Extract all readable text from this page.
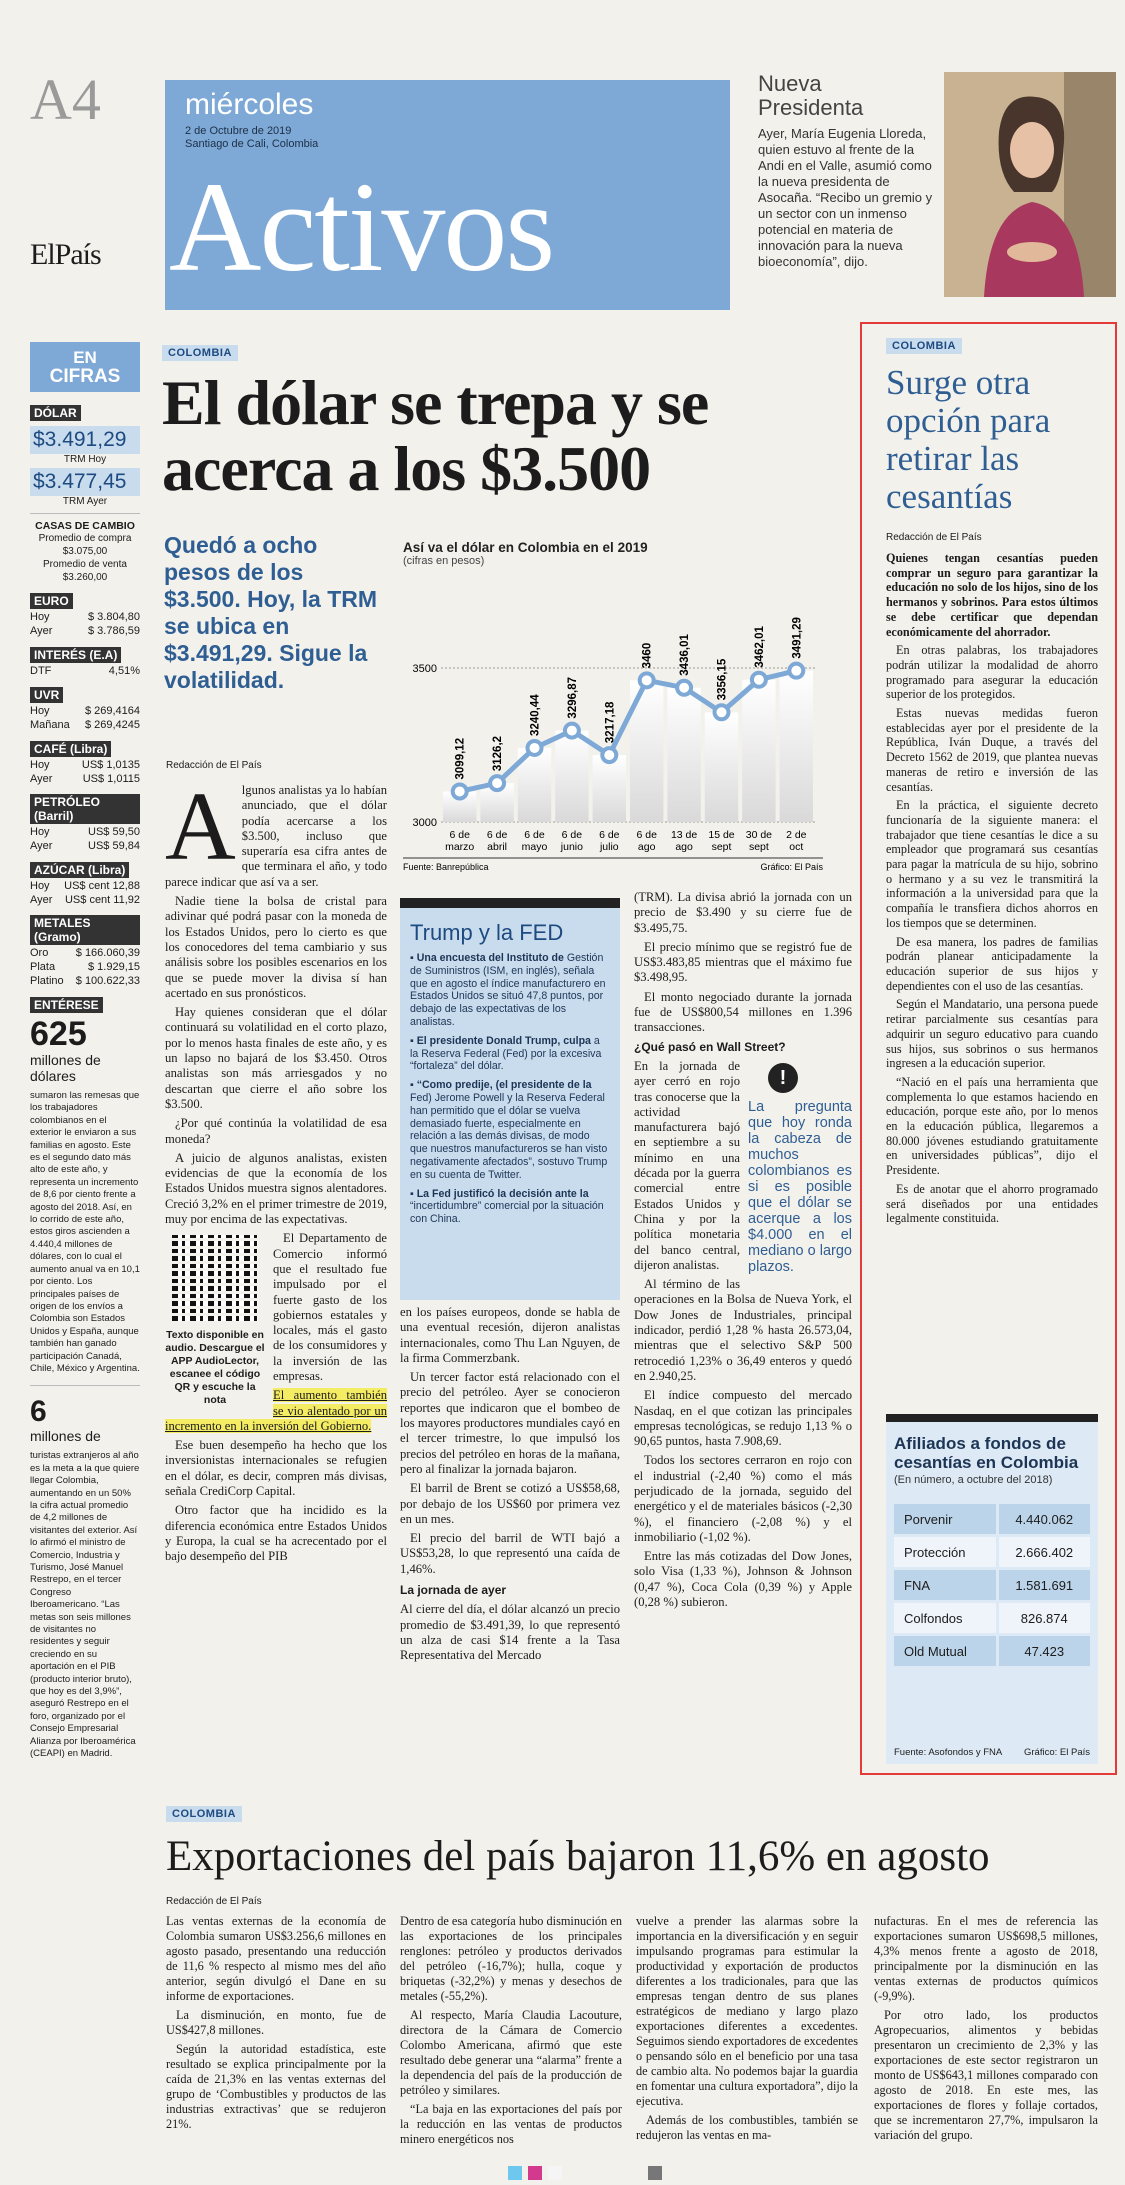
A4
ElPaís
miércoles
2 de Octubre de 2019
Santiago de Cali, Colombia
Activos
Nueva
Presidenta
Ayer, María Eugenia Lloreda, quien estuvo al frente de la Andi en el Valle, asumió como la nueva presidenta de Asocaña. “Recibo un gremio y un sector con un inmenso potencial en materia de innovación para la nueva bioeconomía”, dijo.
EN
CIFRAS
DÓLAR
$3.491,29
TRM Hoy
$3.477,45
TRM Ayer
CASAS DE CAMBIO
Promedio de compra
$3.075,00
Promedio de venta
$3.260,00
EURO
Hoy	$ 3.804,80
Ayer	$ 3.786,59
INTERÉS (E.A)
DTF	4,51%
UVR
Hoy	$ 269,4164
Mañana $ 269,4245
CAFÉ (Libra)
Hoy	US$ 1,0135
Ayer	US$ 1,0115
PETRÓLEO (Barril)
Hoy	US$ 59,50
Ayer	US$ 59,84
AZÚCAR (Libra)
Hoy US$ cent 12,88
Ayer US$ cent 11,92
METALES (Gramo)
Oro $ 166.060,39
Plata	$ 1.929,15
Platino $ 100.622,33
ENTÉRESE
625
millones de dólares
sumaron las remesas que los trabajadores colombianos en el exterior le enviaron a sus familias en agosto. Este es el segundo dato más alto de este año, y representa un incremento de 8,6 por ciento frente a agosto del 2018. Así, en lo corrido de este año, estos giros ascienden a 4.440,4 millones de dólares, con lo cual el aumento anual va en 10,1 por ciento. Los principales países de origen de los envíos a Colombia son Estados Unidos y España, aunque también han ganado participación Canadá, Chile, México y Argentina.
6
millones de
turistas extranjeros al año es la meta a la que quiere llegar Colombia, aumentando en un 50% la cifra actual promedio de 4,2 millones de visitantes del exterior. Así lo afirmó el ministro de Comercio, Industria y Turismo, José Manuel Restrepo, en el tercer Congreso Iberoamericano. “Las metas son seis millones de visitantes no residentes y seguir creciendo en su aportación en el PIB (producto interior bruto), que hoy es del 3,9%”, aseguró Restrepo en el foro, organizado por el Consejo Empresarial Alianza por Iberoamérica (CEAPI) en Madrid.
COLOMBIA
El dólar se trepa y se acerca a los $3.500
Quedó a ocho pesos de los $3.500. Hoy, la TRM se ubica en $3.491,29. Sigue la volatilidad.
Redacción de El País
Así va el dólar en Colombia en el 2019
(cifras en pesos)
3500
3000
3099,12
6 de
marzo
3126,2
6 de
abril
3240,44
6 de
mayo
3296,87
6 de
junio
3217,18
6 de
julio
3460
6 de
ago
3436,01
13 de
ago
3356,15
15 de
sept
3462,01
30 de
sept
3491,29
2 de
oct
Fuente: Banrepública	Gráfico: El País
A lgunos analistas ya lo habían anunciado, que el dólar podía acercarse a los $3.500, incluso que superaría esa cifra antes de que terminara el año, y todo parece indicar que así va a ser.

Nadie tiene la bolsa de cristal para adivinar qué podrá pasar con la moneda de los Estados Unidos, pero lo cierto es que los conocedores del tema cambiario y sus análisis sobre los posibles escenarios en los que se puede mover la divisa sí han acertado en sus pronósticos.

Hay quienes consideran que el dólar continuará su volatilidad en el corto plazo, por lo menos hasta finales de este año, y es un lapso no bajará de los $3.450. Otros analistas son más arriesgados y no descartan que cierre el año sobre los $3.500.

¿Por qué continúa la volatilidad de esa moneda?

A juicio de algunos analistas, existen evidencias de que la economía de los Estados Unidos muestra signos alentadores. Creció 3,2% en el primer trimestre de 2019, muy por encima de las expectativas.

Texto disponible en audio. Descargue el APP AudioLector, escanee el código QR y escuche la nota

El Departamento de Comercio informó que el resultado fue impulsado por el fuerte gasto de los gobiernos estatales y locales, más el gasto de los consumidores y la inversión de las empresas.

El aumento también se vio alentado por un incremento en la inversión del Gobierno.

Ese buen desempeño ha hecho que los inversionistas internacionales se refugien en el dólar, es decir, compren más divisas, señala CrediCorp Capital.

Otro factor que ha incidido es la diferencia económica entre Estados Unidos y Europa, la cual se ha acrecentado por el bajo desempeño del PIB

Trump y la FED
▪ Una encuesta del Instituto de Gestión de Suministros (ISM, en inglés), señala que en agosto el índice manufacturero en Estados Unidos se situó 47,8 puntos, por debajo de las expectativas de los analistas.
▪ El presidente Donald Trump, culpa a la Reserva Federal (Fed) por la excesiva “fortaleza” del dólar.
▪ “Como predije, (el presidente de la Fed) Jerome Powell y la Reserva Federal han permitido que el dólar se vuelva demasiado fuerte, especialmente en relación a las demás divisas, de modo que nuestros manufactureros se han visto negativamente afectados”, sostuvo Trump en su cuenta de Twitter.
▪ La Fed justificó la decisión ante la “incertidumbre” comercial por la situación con China.

en los países europeos, donde se habla de una eventual recesión, dijeron analistas internacionales, como Thu Lan Nguyen, de la firma Commerzbank.

Un tercer factor está relacionado con el precio del petróleo. Ayer se conocieron reportes que indicaron que el bombeo de los mayores productores mundiales cayó en el tercer trimestre, lo que impulsó los precios del petróleo en horas de la mañana, pero al finalizar la jornada bajaron.

El barril de Brent se cotizó a US$58,68, por debajo de los US$60 por primera vez en un mes.

El precio del barril de WTI bajó a US$53,28, lo que representó una caída de 1,46%.

La jornada de ayer

Al cierre del día, el dólar alcanzó un precio promedio de $3.491,39, lo que representó un alza de casi $14 frente a la Tasa Representativa del Mercado

(TRM). La divisa abrió la jornada con un precio de $3.490 y su cierre fue de $3.495,75.

El precio mínimo que se registró fue de US$3.483,85 mientras que el máximo fue $3.498,95.

El monto negociado durante la jornada fue de US$800,54 millones en 1.396 transacciones.

¿Qué pasó en Wall Street?

!
La pregunta que hoy ronda la cabeza de muchos colombianos es si es posible que el dólar se acerque a los $4.000 en el mediano o largo plazos.

En la jornada de ayer cerró en rojo tras conocerse que la actividad manufacturera bajó en septiembre a su mínimo en una década por la guerra comercial entre Estados Unidos y China y por la política monetaria del banco central, dijeron analistas.

Al término de las operaciones en la Bolsa de Nueva York, el Dow Jones de Industriales, principal indicador, perdió 1,28 % hasta 26.573,04, mientras que el selectivo S&P 500 retrocedió 1,23% o 36,49 enteros y quedó en 2.940,25.

El índice compuesto del mercado Nasdaq, en el que cotizan las principales empresas tecnológicas, se redujo 1,13 % o 90,65 puntos, hasta 7.908,69.

Todos los sectores cerraron en rojo con el industrial (-2,40 %) como el más perjudicado de la jornada, seguido del energético y el de materiales básicos (-2,30 %), el financiero (-2,08 %) y el inmobiliario (-1,02 %).

Entre las más cotizadas del Dow Jones, solo Visa (1,33 %), Johnson & Johnson (0,47 %), Coca Cola (0,39 %) y Apple (0,28 %) subieron.

COLOMBIA
Surge otra opción para retirar las cesantías
Redacción de El País

Quienes tengan cesantías pueden comprar un seguro para garantizar la educación no solo de los hijos, sino de los hermanos y sobrinos. Para estos últimos se debe certificar que dependan económicamente del ahorrador.

En otras palabras, los trabajadores podrán utilizar la modalidad de ahorro programado para asegurar la educación superior de los protegidos.

Estas nuevas medidas fueron establecidas ayer por el presidente de la República, Iván Duque, a través del Decreto 1562 de 2019, que plantea nuevas maneras de retiro e inversión de las cesantías.

En la práctica, el siguiente decreto funcionaría de la siguiente manera: el trabajador que tiene cesantías le dice a su empleador que programará sus cesantías para pagar la matrícula de su hijo, sobrino o hermano y a su vez le transmitirá la información a la universidad para que la compañía le transfiera dichos ahorros en los tiempos que se determinen.

De esa manera, los padres de familias podrán planear anticipadamente la educación superior de sus hijos y dependientes con el uso de las cesantías.

Según el Mandatario, una persona puede retirar parcialmente sus cesantías para adquirir un seguro educativo para cuando sus hijos, sus sobrinos o sus hermanos ingresen a la educación superior.

“Nació en el país una herramienta que complementa lo que estamos haciendo en educación, porque este año, por lo menos en la educación pública, llegaremos a 80.000 jóvenes estudiando gratuitamente en universidades públicas”, dijo el Presidente.

Es de anotar que el ahorro programado será diseñados por una entidades legalmente constituida.

Afiliados a fondos de cesantías en Colombia
(En número, a octubre del 2018)
Porvenir	4.440.062
Protección	2.666.402
FNA	1.581.691
Colfondos	826.874
Old Mutual	47.423
Fuente: Asofondos y FNA Gráfico: El País
COLOMBIA
Exportaciones del país bajaron 11,6% en agosto
Redacción de El País

Las ventas externas de la economía de Colombia sumaron US$3.256,6 millones en agosto pasado, presentando una reducción de 11,6 % respecto al mismo mes del año anterior, según divulgó el Dane en su informe de exportaciones.

La disminución, en monto, fue de US$427,8 millones.

Según la autoridad estadística, este resultado se explica principalmente por la caída de 21,3% en las ventas externas del grupo de ‘Combustibles y productos de las industrias extractivas’ que se redujeron 21%.

Dentro de esa categoría hubo disminución en las exportaciones de los principales renglones: petróleo y productos derivados del petróleo (-16,7%); hulla, coque y briquetas (-32,2%) y menas y desechos de metales (-55,2%).

Al respecto, María Claudia Lacouture, directora de la Cámara de Comercio Colombo Americana, afirmó que este resultado debe generar una “alarma” frente a la dependencia del país de la producción de petróleo y similares.

“La baja en las exportaciones del país por la reducción en las ventas de productos minero energéticos nos

vuelve a prender las alarmas sobre la importancia en la diversificación y en seguir impulsando programas para estimular la productividad y exportación de productos diferentes a los tradicionales, para que las empresas tengan dentro de sus planes estratégicos de mediano y largo plazo exportaciones diferentes a excedentes. Seguimos siendo exportadores de excedentes o pensando sólo en el beneficio por una tasa de cambio alta. No podemos bajar la guardia en fomentar una cultura exportadora”, dijo la ejecutiva.

Además de los combustibles, también se redujeron las ventas en ma-

nufacturas. En el mes de referencia las exportaciones sumaron US$698,5 millones, 4,3% menos frente a agosto de 2018, principalmente por la disminución en las ventas externas de productos químicos (-9,9%).

Por otro lado, los productos Agropecuarios, alimentos y bebidas presentaron un crecimiento de 2,3% y las exportaciones de este sector registraron un monto de US$643,1 millones comparado con agosto de 2018. En este mes, las exportaciones de flores y follaje cortados, que se incrementaron 27,7%, impulsaron la variación del grupo.
